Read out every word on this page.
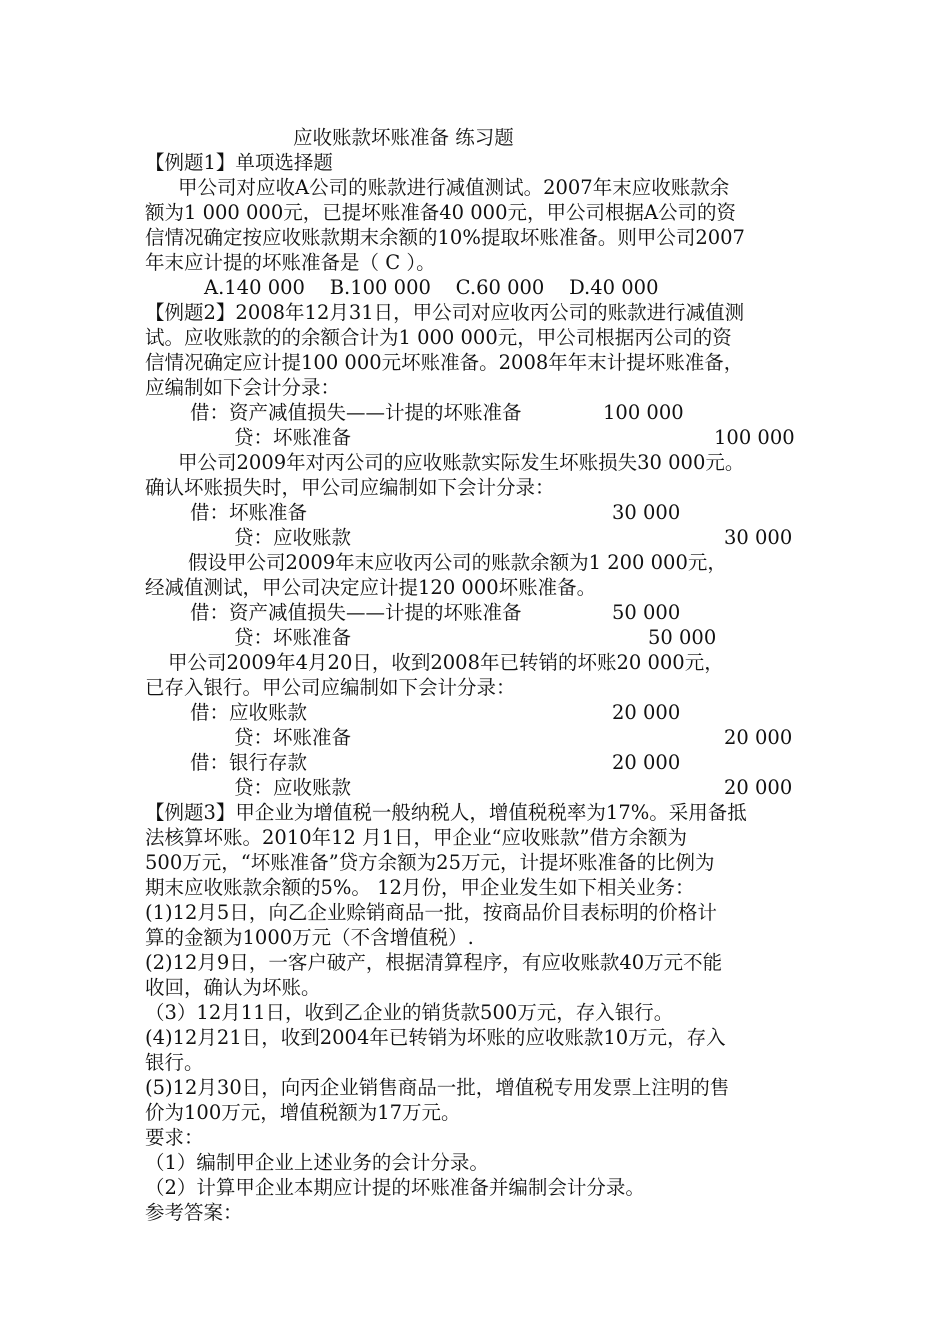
应收账款坏账准备 练习题
【例题1】单项选择题
甲公司对应收A公司的账款进行减值测试。2007年末应收账款余
额为1 000 000元，已提坏账准备40 000元，甲公司根据A公司的资
信情况确定按应收账款期末余额的10%提取坏账准备。则甲公司2007
年末应计提的坏账准备是（ C ）。
A.140 000    B.100 000    C.60 000    D.40 000
【例题2】2008年12月31日，甲公司对应收丙公司的账款进行减值测
试。应收账款的的余额合计为1 000 000元，甲公司根据丙公司的资
信情况确定应计提100 000元坏账准备。2008年年末计提坏账准备，
应编制如下会计分录：
借：资产减值损失——计提的坏账准备	100 000
贷：坏账准备	100 000
甲公司2009年对丙公司的应收账款实际发生坏账损失30 000元。
确认坏账损失时，甲公司应编制如下会计分录：
借：坏账准备	30 000
贷：应收账款	30 000
假设甲公司2009年末应收丙公司的账款余额为1 200 000元，
经减值测试，甲公司决定应计提120 000坏账准备。
借：资产减值损失——计提的坏账准备	50 000
贷：坏账准备	50 000
甲公司2009年4月20日，收到2008年已转销的坏账20 000元，
已存入银行。甲公司应编制如下会计分录：
借：应收账款	20 000
贷：坏账准备	20 000
借：银行存款	20 000
贷：应收账款	20 000
【例题3】甲企业为增值税一般纳税人，增值税税率为17%。采用备抵
法核算坏账。2010年12 月1日，甲企业“应收账款”借方余额为
500万元，“坏账准备”贷方余额为25万元，计提坏账准备的比例为
期末应收账款余额的5%。 12月份，甲企业发生如下相关业务：
(1)12月5日，向乙企业赊销商品一批，按商品价目表标明的价格计
算的金额为1000万元（不含增值税）.
(2)12月9日，一客户破产，根据清算程序，有应收账款40万元不能
收回，确认为坏账。
（3）12月11日，收到乙企业的销货款500万元，存入银行。
(4)12月21日，收到2004年已转销为坏账的应收账款10万元，存入
银行。
(5)12月30日，向丙企业销售商品一批，增值税专用发票上注明的售
价为100万元，增值税额为17万元。
要求：
（1）编制甲企业上述业务的会计分录。
（2）计算甲企业本期应计提的坏账准备并编制会计分录。
参考答案：
